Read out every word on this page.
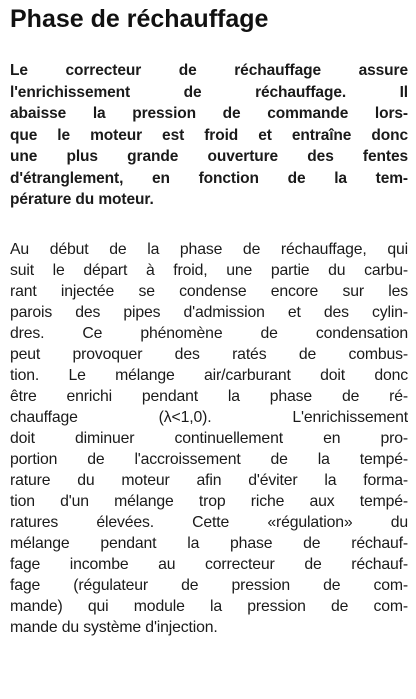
Phase de réchauffage
Le correcteur de réchauffage assure
l'enrichissement de réchauffage. Il
abaisse la pression de commande lors-
que le moteur est froid et entraîne donc
une plus grande ouverture des fentes
d'étranglement, en fonction de la tem-
pérature du moteur.
Au début de la phase de réchauffage, qui
suit le départ à froid, une partie du carbu-
rant injectée se condense encore sur les
parois des pipes d'admission et des cylin-
dres. Ce phénomène de condensation
peut provoquer des ratés de combus-
tion. Le mélange air/carburant doit donc
être enrichi pendant la phase de ré-
chauffage (λ<1,0). L'enrichissement
doit diminuer continuellement en pro-
portion de l'accroissement de la tempé-
rature du moteur afin d'éviter la forma-
tion d'un mélange trop riche aux tempé-
ratures élevées. Cette «régulation» du
mélange pendant la phase de réchauf-
fage incombe au correcteur de réchauf-
fage (régulateur de pression de com-
mande) qui module la pression de com-
mande du système d'injection.
